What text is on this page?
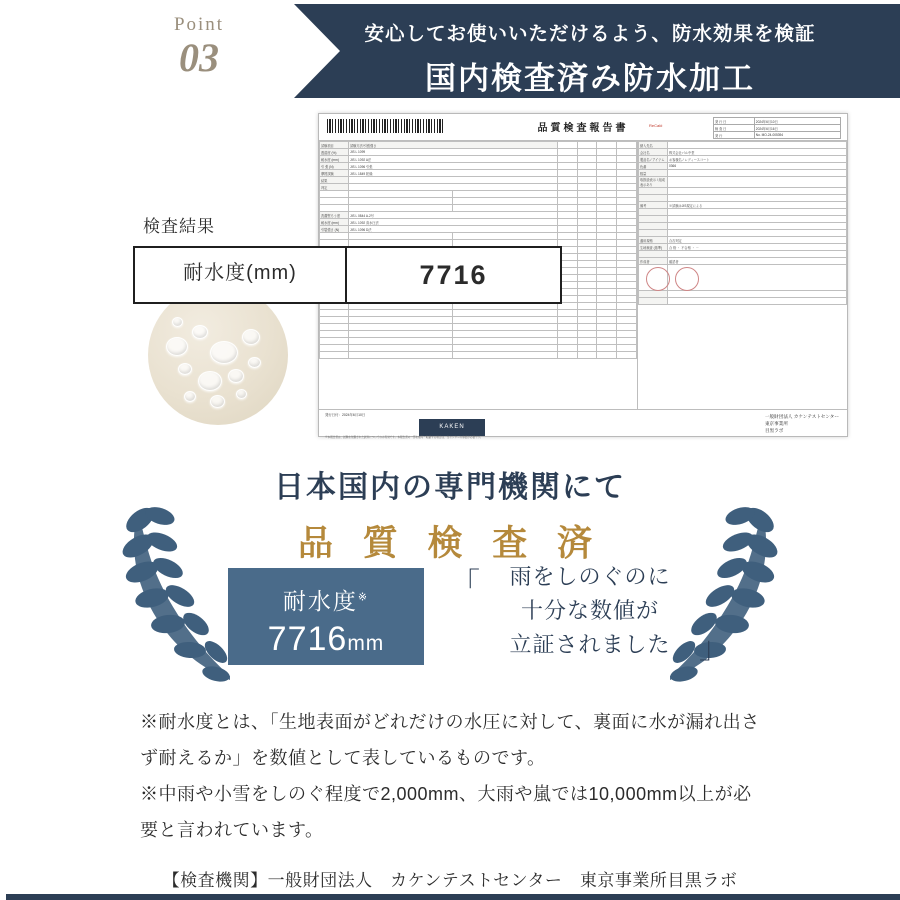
Point
03
安心してお使いいただけるよう、防水効果を検証
国内検査済み防水加工
品質検査報告書	ReCal#
発 行 日	2024年6月10日
検 査 日	2024年6月16日
発 行	No. MO-24-005394
試験項目	試験方法/引張強さ					
透湿度 (%)	JIS L 1099					
耐水度 (mm)	JIS L 1092 A法					
引 張 (N)	JIS L 1096 引張					
摩擦試験	JIS L 1849 乾燥					
結果						
判定						

洗濯堅ろう度	JIS L 0844 A-2号					
耐水度 (mm)	JIS L 1092 高水圧法					
引裂強さ (N)	JIS L 1096 D法					

納入先名	
会社名	株式会社パル中堂
製品名 / アイテム	お客様名 / レディースコート
色番	0366
数量	
取扱絵表示 / 組成表示あり	

備考	※試験はJIS規定による

適用規格	合否判定
生地検査 (基準)	合 格 ・ 不合格 ・ －

作成者	確認者

発行日付：2024年6月10日
KAKEN
一般財団法人 カケンテストセンター
東京事業所
目黒ラボ
※本報告書は、試験を依頼された試料についてのみ有効です。本報告書の一部を複写・転載する場合は、当センターの承認が必要です。
検査結果
耐水度(mm)	7716
日本国内の専門機関にて
品 質 検 査 済
耐水度※
7716mm
「	雨をしのぐのに
十分な数値が
立証されました 」
※耐水度とは、「生地表面がどれだけの水圧に対して、裏面に水が漏れ出さず耐えるか」を数値として表しているものです。
※中雨や小雪をしのぐ程度で2,000mm、大雨や嵐では10,000mm以上が必要と言われています。
【検査機関】一般財団法人　カケンテストセンター　東京事業所目黒ラボ
